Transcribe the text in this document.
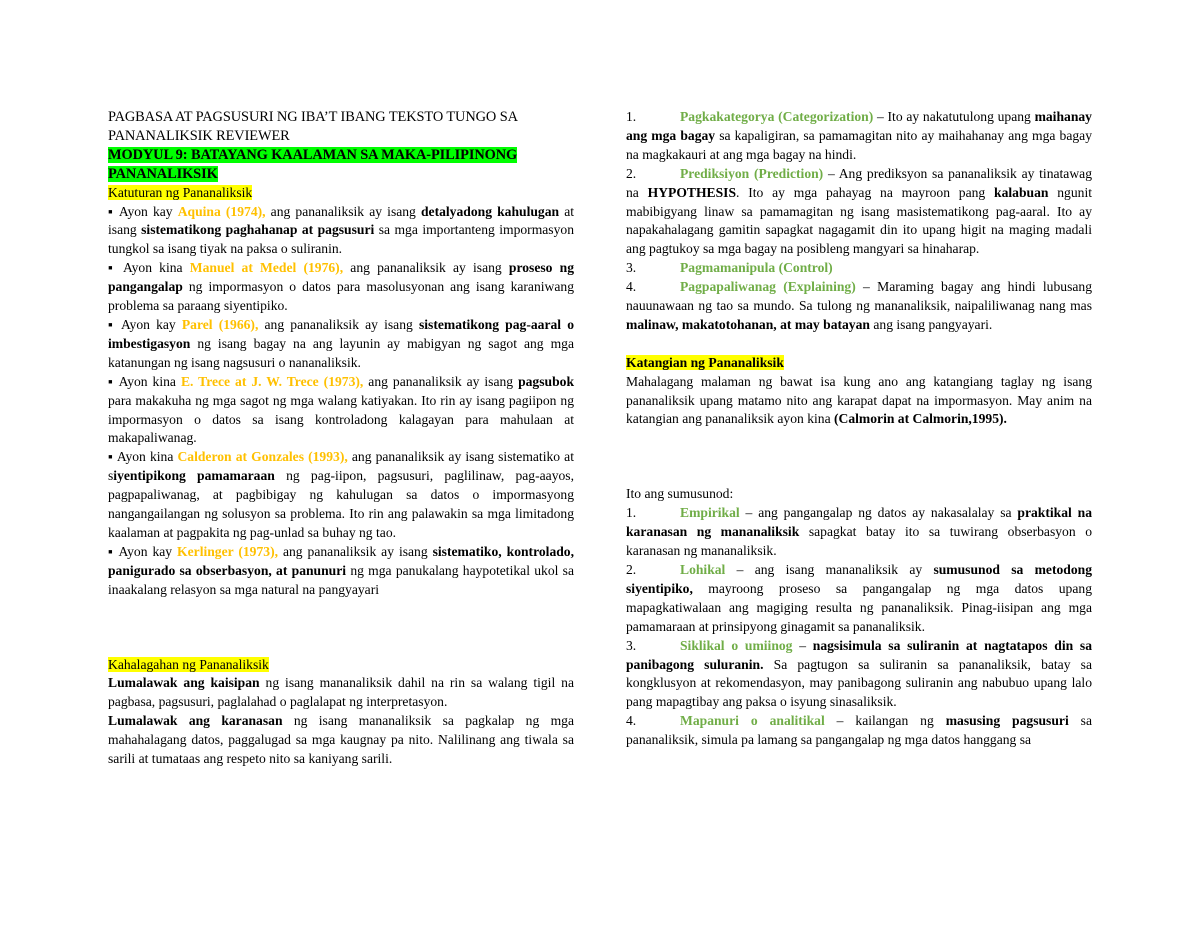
PAGBASA AT PAGSUSURI NG IBA’T IBANG TEKSTO TUNGO SA PANANALIKSIK REVIEWER

MODYUL 9: BATAYANG KAALAMAN SA MAKA-PILIPINONG PANANALIKSIK

Katuturan ng Pananaliksik

▪ Ayon kay Aquina (1974), ang pananaliksik ay isang detalyadong kahulugan at isang sistematikong paghahanap at pagsusuri sa mga importanteng impormasyon tungkol sa isang tiyak na paksa o suliranin.

▪ Ayon kina Manuel at Medel (1976), ang pananaliksik ay isang proseso ng pangangalap ng impormasyon o datos para masolusyonan ang isang karaniwang problema sa paraang siyentipiko.

▪ Ayon kay Parel (1966), ang pananaliksik ay isang sistematikong pag-aaral o imbestigasyon ng isang bagay na ang layunin ay mabigyan ng sagot ang mga katanungan ng isang nagsusuri o nananaliksik.

▪ Ayon kina E. Trece at J. W. Trece (1973), ang pananaliksik ay isang pagsubok para makakuha ng mga sagot ng mga walang katiyakan. Ito rin ay isang pagiipon ng impormasyon o datos sa isang kontroladong kalagayan para mahulaan at makapaliwanag.

▪ Ayon kina Calderon at Gonzales (1993), ang pananaliksik ay isang sistematiko at siyentipikong pamamaraan ng pag-iipon, pagsusuri, paglilinaw, pag-aayos, pagpapaliwanag, at pagbibigay ng kahulugan sa datos o impormasyong nangangailangan ng solusyon sa problema. Ito rin ang palawakin sa mga limitadong kaalaman at pagpakita ng pag-unlad sa buhay ng tao.

▪ Ayon kay Kerlinger (1973), ang pananaliksik ay isang sistematiko, kontrolado, panigurado sa obserbasyon, at panunuri ng mga panukalang haypotetikal ukol sa inaakalang relasyon sa mga natural na pangyayari

Kahalagahan ng Pananaliksik

Lumalawak ang kaisipan ng isang mananaliksik dahil na rin sa walang tigil na pagbasa, pagsusuri, paglalahad o paglalapat ng interpretasyon.

Lumalawak ang karanasan ng isang mananaliksik sa pagkalap ng mga mahahalagang datos, paggalugad sa mga kaugnay pa nito. Nalilinang ang tiwala sa sarili at tumataas ang respeto nito sa kaniyang sarili.

1.	Pagkakategorya (Categorization) – Ito ay nakatutulong upang maihanay ang mga bagay sa kapaligiran, sa pamamagitan nito ay maihahanay ang mga bagay na magkakauri at ang mga bagay na hindi.

2.	Prediksiyon (Prediction) – Ang prediksyon sa pananaliksik ay tinatawag na HYPOTHESIS. Ito ay mga pahayag na mayroon pang kalabuan ngunit mabibigyang linaw sa pamamagitan ng isang masistematikong pag-aaral. Ito ay napakahalagang gamitin sapagkat nagagamit din ito upang higit na maging madali ang pagtukoy sa mga bagay na posibleng mangyari sa hinaharap.

3.	Pagmamanipula (Control)

4.	Pagpapaliwanag (Explaining) – Maraming bagay ang hindi lubusang nauunawaan ng tao sa mundo. Sa tulong ng mananaliksik, naipaliliwanag nang mas malinaw, makatotohanan, at may batayan ang isang pangyayari.

Katangian ng Pananaliksik

Mahalagang malaman ng bawat isa kung ano ang katangiang taglay ng isang pananaliksik upang matamo nito ang karapat dapat na impormasyon. May anim na katangian ang pananaliksik ayon kina (Calmorin at Calmorin,1995).

Ito ang sumusunod:

1.	Empirikal – ang pangangalap ng datos ay nakasalalay sa praktikal na karanasan ng mananaliksik sapagkat batay ito sa tuwirang obserbasyon o karanasan ng mananaliksik.

2.	Lohikal – ang isang mananaliksik ay sumusunod sa metodong siyentipiko, mayroong proseso sa pangangalap ng mga datos upang mapagkatiwalaan ang magiging resulta ng pananaliksik. Pinag-iisipan ang mga pamamaraan at prinsipyong ginagamit sa pananaliksik.

3.	Siklikal o umiinog – nagsisimula sa suliranin at nagtatapos din sa panibagong suluranin. Sa pagtugon sa suliranin sa pananaliksik, batay sa kongklusyon at rekomendasyon, may panibagong suliranin ang nabubuo upang lalo pang mapagtibay ang paksa o isyung sinasaliksik.

4.	Mapanuri o analitikal – kailangan ng masusing pagsusuri sa pananaliksik, simula pa lamang sa pangangalap ng mga datos hanggang sa
